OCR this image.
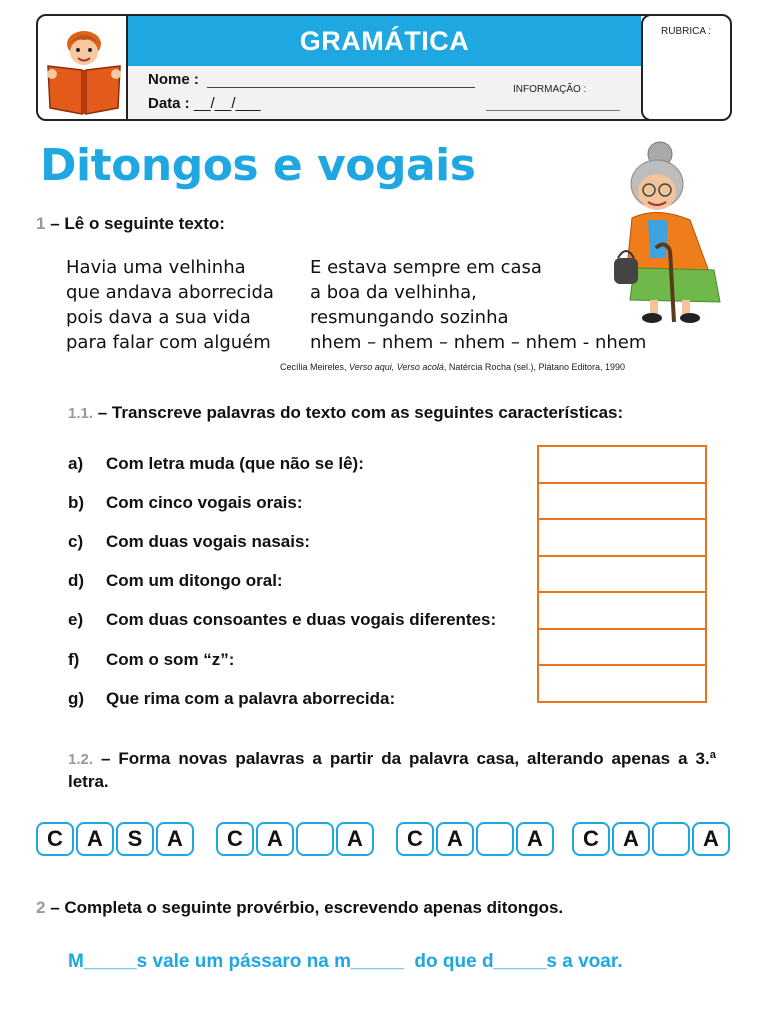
GRAMÁTICA
Nome :
Data : __/__/___
INFORMAÇÃO :
RUBRICA :
Ditongos e vogais
1 – Lê o seguinte texto:
Havia uma velhinha
que andava aborrecida
pois dava a sua vida
para falar com alguém
E estava sempre em casa
a boa da velhinha,
resmungando sozinha
nhem – nhem – nhem – nhem - nhem
Cecília Meireles, Verso aqui, Verso acolá, Natércia Rocha (sel.), Plátano Editora, 1990
1.1. – Transcreve palavras do texto com as seguintes características:
a) Com letra muda (que não se lê):
b) Com cinco vogais orais:
c) Com duas vogais nasais:
d) Com um ditongo oral:
e) Com duas consoantes e duas vogais diferentes:
f) Com o som “z”:
g) Que rima com a palavra aborrecida:
1.2. – Forma novas palavras a partir da palavra casa, alterando apenas a 3.ª letra.
C	A	S	A	C	A	A	C	A	A	C	A	A
2 – Completa o seguinte provérbio, escrevendo apenas ditongos.
M_____s vale um pássaro na m_____  do que d_____s a voar.
